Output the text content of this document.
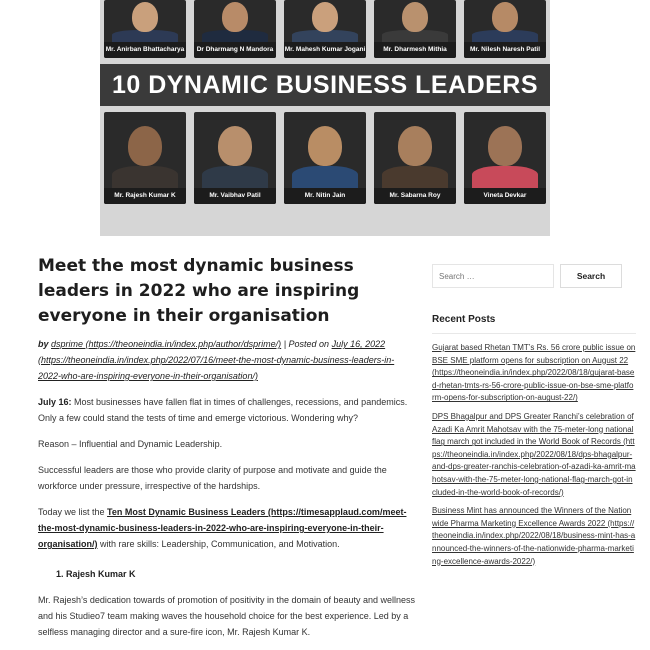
Mr. Anirban Bhattacharya	Dr Dharmang N Mandora	Mr. Mahesh Kumar Jogani	Mr. Dharmesh Mithia	Mr. Nilesh Naresh Patil
10 DYNAMIC BUSINESS LEADERS
Mr. Rajesh Kumar K	Mr. Vaibhav Patil	Mr. Nitin Jain	Mr. Sabarna Roy	Vineta Devkar
Meet the most dynamic business leaders in 2022 who are inspiring everyone in their organisation
by dsprime (https://theoneindia.in/index.php/author/dsprime/) | Posted on July 16, 2022 (https://theoneindia.in/index.php/2022/07/16/meet-the-most-dynamic-business-leaders-in-2022-who-are-inspiring-everyone-in-their-organisation/)

July 16: Most businesses have fallen flat in times of challenges, recessions, and pandemics. Only a few could stand the tests of time and emerge victorious. Wondering why?

Reason – Influential and Dynamic Leadership.

Successful leaders are those who provide clarity of purpose and motivate and guide the workforce under pressure, irrespective of the hardships.

Today we list the Ten Most Dynamic Business Leaders (https://timesapplaud.com/meet-the-most-dynamic-business-leaders-in-2022-who-are-inspiring-everyone-in-their-organisation/) with rare skills: Leadership, Communication, and Motivation.

1. Rajesh Kumar K

Mr. Rajesh’s dedication towards of promotion of positivity in the domain of beauty and wellness and his Studieo7 team making waves the household choice for the best experience. Led by a selfless managing director and a sure-fire icon, Mr. Rajesh Kumar K.

Search …
Search
Recent Posts
Gujarat based Rhetan TMT’s Rs. 56 crore public issue on BSE SME platform opens for subscription on August 22 (https://theoneindia.in/index.php/2022/08/18/gujarat-based-rhetan-tmts-rs-56-crore-public-issue-on-bse-sme-platform-opens-for-subscription-on-august-22/)
DPS Bhagalpur and DPS Greater Ranchi’s celebration of Azadi Ka Amrit Mahotsav with the 75-meter-long national flag march got included in the World Book of Records (https://theoneindia.in/index.php/2022/08/18/dps-bhagalpur-and-dps-greater-ranchis-celebration-of-azadi-ka-amrit-mahotsav-with-the-75-meter-long-national-flag-march-got-included-in-the-world-book-of-records/)
Business Mint has announced the Winners of the Nationwide Pharma Marketing Excellence Awards 2022 (https://theoneindia.in/index.php/2022/08/18/business-mint-has-announced-the-winners-of-the-nationwide-pharma-marketing-excellence-awards-2022/)
